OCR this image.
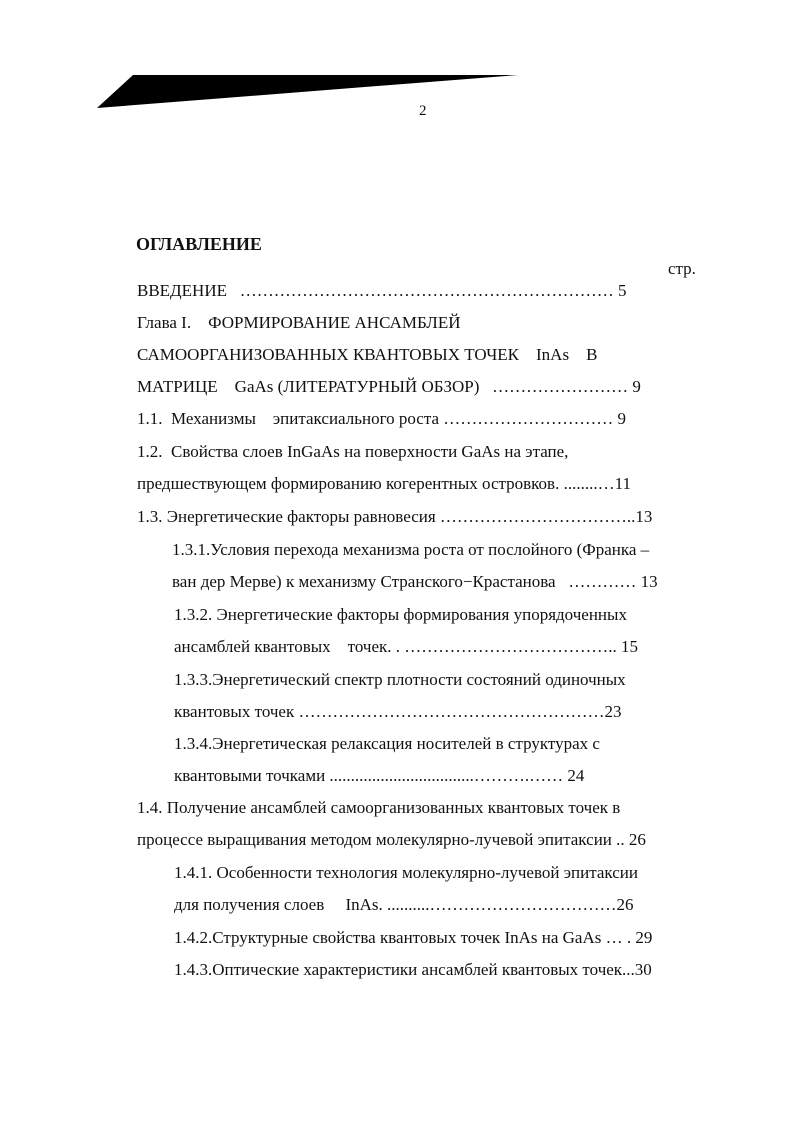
2
ОГЛАВЛЕНИЕ
стр.
ВВЕДЕНИЕ   ………………………………………………………… 5
Глава I.    ФОРМИРОВАНИЕ АНСАМБЛЕЙ
САМООРГАНИЗОВАННЫХ КВАНТОВЫХ ТОЧЕК    InAs    В
МАТРИЦЕ    GaAs (ЛИТЕРАТУРНЫЙ ОБЗОР)   …………………… 9
1.1.  Механизмы    эпитаксиального роста ………………………… 9
1.2.  Свойства слоев InGaAs на поверхности GaAs на этапе,
предшествующем формированию когерентных островков. ........…11
1.3. Энергетические факторы равновесия ……………………………..13
1.3.1.Условия перехода механизма роста от послойного (Франка –
ван дер Мерве) к механизму Странского−Крастанова   ………… 13
1.3.2. Энергетические факторы формирования упорядоченных
ансамблей квантовых    точек. . ……………………………….. 15
1.3.3.Энергетический спектр плотности состояний одиночных
квантовых точек ………………………………………………23
1.3.4.Энергетическая релаксация носителей в структурах с
квантовыми точками ..................................……….…… 24
1.4. Получение ансамблей самоорганизованных квантовых точек в
процессе выращивания методом молекулярно-лучевой эпитаксии .. 26
1.4.1. Особенности технология молекулярно-лучевой эпитаксии
для получения слоев     InAs. ..........……………………………26
1.4.2.Структурные свойства квантовых точек InAs на GaAs … . 29
1.4.3.Оптические характеристики ансамблей квантовых точек...30
